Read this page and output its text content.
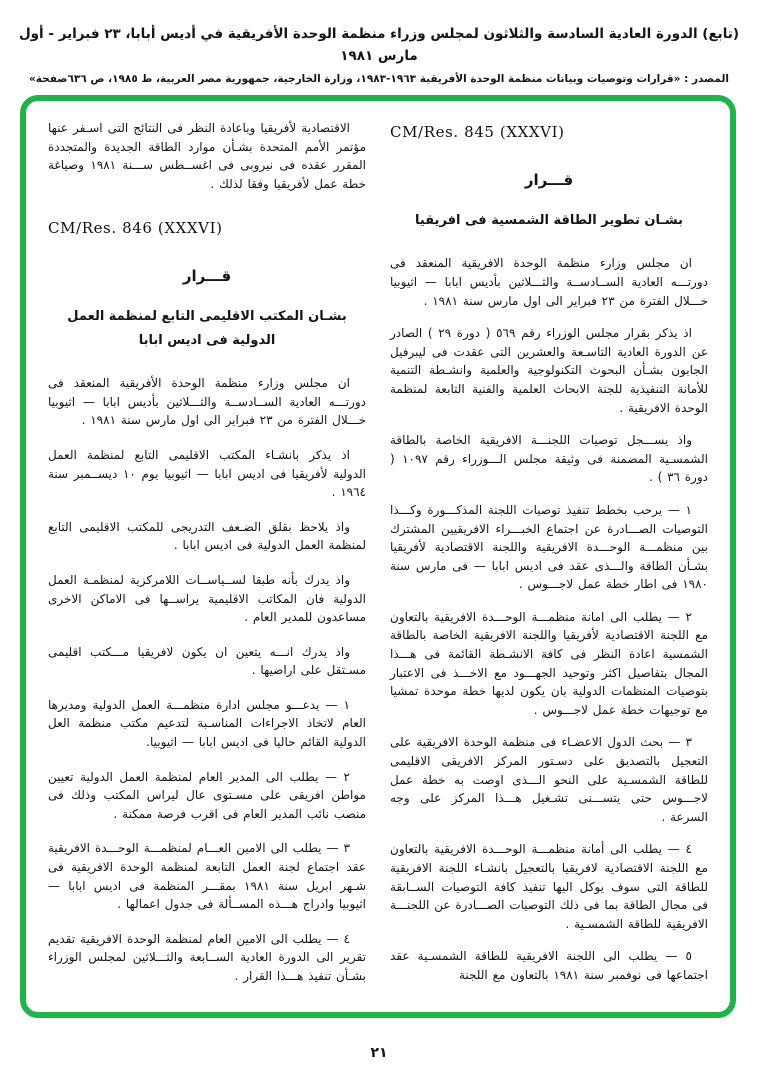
(تابع) الدورة العادية السادسة والثلاثون لمجلس وزراء منظمة الوحدة الأفريقية في أديس أبابا، ٢٣ فبراير - أول مارس ١٩٨١
المصدر : «قرارات وتوصيات وبيانات منظمة الوحدة الأفريقية ١٩٦٣-١٩٨٣، وزارة الخارجية، جمهورية مصر العربية، ط ١٩٨٥، ص ٦٣٦صفحة»
CM/Res. 845 (XXXVI)
قـــرار
بشـان تطوير الطاقة الشمسية فى افريقيا
ان مجلس وزارء منظمة الوحدة الافريقية المنعقد فى دورتـــه العادية الســادســة والثـــلاثين بأديس ابابا — اثيوبيا خـــلال الفترة من ٢٣ فبراير الى اول مارس سنة ١٩٨١ .
اذ يذكر بقرار مجلس الوزراء رقم ٥٦٩ ( دورة ٢٩ ) الصادر عن الدورة العادية التاسـعة والعشرين التى عقدت فى ليبرفيل الجابون بشـأن البحوث التكنولوجية والعلمية وانشـطة التنمية للأمانة التنفيذية للجنة الابحاث العلمية والفنية التابعة لمنظمة الوحدة الافريقية .
واذ يســـجل توصيات اللجنـــة الافريقية الخاصة بالطاقة الشمسـية المضمنة فى وثيقة مجلس الـــوزراء رقم ١٠٩٧ ( دورة ٣٦ ) .
١ — يرحب بخطط تنفيذ توصيات اللجنة المذكـــورة وكـــذا التوصيات الصـــادرة عن اجتماع الخبـــراء الافريقيين المشترك بين منظمـــة الوحـــدة الافريقية واللجنة الاقتصادية لأفريقيا بشـأن الطاقة والـــذى عقد فى اديس ابابا — فى مارس سنة ١٩٨٠ فى اطار خطة عمل لاجـــوس .
٢ — يطلب الى امانة منظمـــة الوحـــدة الافريقية بالتعاون مع اللجنة الاقتصادية لأفريقيا واللجنة الافريقية الخاصة بالطاقة الشمسية اعادة النظر فى كافة الانشـطة القائمة فى هـــذا المجال بتفاصيل اكثر وتوحيد الجهـــود مع الاخـــذ فى الاعتبار بتوصيات المنظمات الدولية بان يكون لديها خطة موحدة تمشيا مع توجيهات خطة عمل لاجـــوس .
٣ — بحث الدول الاعضـاء فى منظمة الوحدة الافريقية على التعجيل بالتصديق على دسـتور المركز الافريقى الاقليمى للطاقة الشمسـية على النحو الـــذى اوصت به خطة عمل لاجـــوس حتى يتســـنى تشـغيل هـــذا المركز على وجه السرعة .
٤ — يطلب الى أمانة منظمـــة الوحـــدة الافريقية بالتعاون مع اللجنة الاقتصادية لافريقيا بالتعجيل بانشـاء اللجنة الافريقية للطاقة التى سوف يوكل اليها تنفيذ كافة التوصيات الســابقة فى مجال الطاقة بما فى ذلك التوصيات الصـــادرة عن اللجنـــة الافريقية للطاقة الشمسـية .
٥ — يطلب الى اللجنة الافريقية للطاقة الشمسـية عقد اجتماعها فى نوفمبر سنة ١٩٨١ بالتعاون مع اللجنة
الاقتصادية لأفريقيا وباعادة النظر فى النتائج التى اسـفر عنها مؤتمر الأمم المتحدة بشـأن موارد الطاقة الجديدة والمتجددة المقرر عقده فى نيروبى فى اغســطس ســـنة ١٩٨١ وصياغة خطة عمل لأفريقيا وفقا لذلك .
CM/Res. 846 (XXXVI)
قـــرار
بشـان المكتب الاقليمى التابع لمنظمة العمل الدولية فى اديس ابابا
ان مجلس وزارء منظمة الوحدة الأفريقية المنعقد فى دورتـــه العادية الســادســة والثـــلاثين بأديس ابابا — اثيوبيا خـــلال الفترة من ٢٣ فبراير الى اول مارس سنة ١٩٨١ .
اذ يذكر بانشـاء المكتب الاقليمى التابع لمنظمة العمل الدولية لأفريقيا فى اديس ابابا — اثيوبيا يوم ١٠ ديســمبر سنة ١٩٦٤ .
واذ يلاحظ بقلق الضـعف التدريجى للمكتب الاقليمى التابع لمنظمة العمل الدولية فى اديس ابابا .
واذ يدرك بأنه طبقا لســياســات اللامركزية لمنظمـة العمل الدولية فان المكاتب الاقليمية يراســها فى الاماكن الاخرى مساعدون للمدير العام .
واذ يدرك انـــه يتعين ان يكون لافريقيا مـــكتب اقليمى مسـتقل على اراضيها .
١ — يدعـــو مجلس ادارة منظمـــة العمل الدولية ومديرها العام لاتخاذ الاجراءات المناسـبة لتدعيم مكتب منظمة العل الدولية القائم حاليا فى اديس ابابا — اثيوبيا.
٢ — يطلب الى المدير العام لمنظمة العمل الدولية تعيين مواطن افريقى على مسـتوى عال ليراس المكتب وذلك فى منصب نائب المدير العام فى اقرب فرصة ممكنة .
٣ — يطلب الى الامين العـــام لمنظمـــة الوحـــدة الافريقية عقد اجتماع لجنة العمل التابعة لمنظمة الوحدة الافريقية فى شـهر ابريل سنة ١٩٨١ بمقـــر المنظمة فى اديس ابابا — اثيوبيا وادراج هـــذه المســألة فى جدول اعمالها .
٤ — يطلب الى الامين العام لمنظمة الوحدة الافريقية تقديم تقرير الى الدورة العادية الســابعة والثـــلاثين لمجلس الوزراء بشـأن تنفيذ هـــذا القرار .
٢١
